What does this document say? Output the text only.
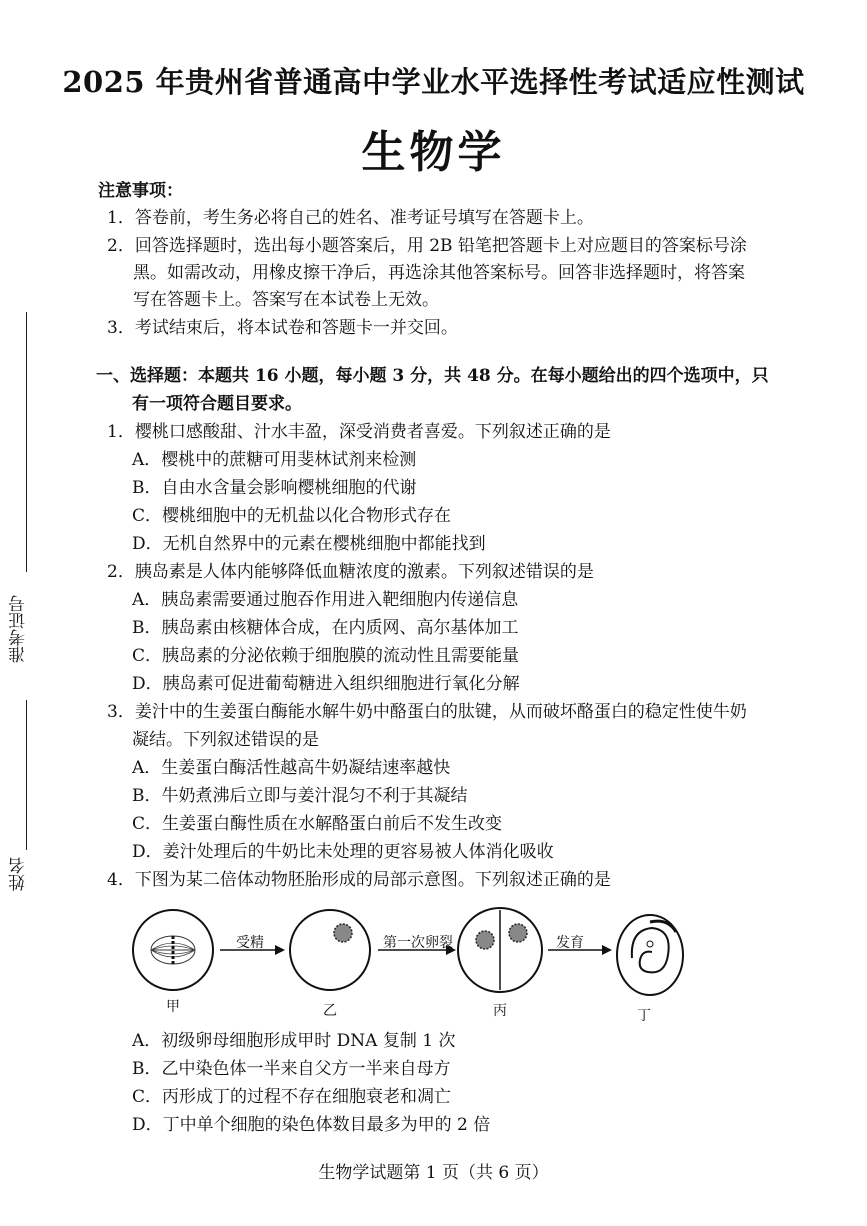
2025 年贵州省普通高中学业水平选择性考试适应性测试
生物学
准考证号
姓名
注意事项：
1．答卷前，考生务必将自己的姓名、准考证号填写在答题卡上。
2．回答选择题时，选出每小题答案后，用 2B 铅笔把答题卡上对应题目的答案标号涂
黑。如需改动，用橡皮擦干净后，再选涂其他答案标号。回答非选择题时，将答案
写在答题卡上。答案写在本试卷上无效。
3．考试结束后，将本试卷和答题卡一并交回。
一、选择题：本题共 16 小题，每小题 3 分，共 48 分。在每小题给出的四个选项中，只
有一项符合题目要求。
1．樱桃口感酸甜、汁水丰盈，深受消费者喜爱。下列叙述正确的是
A．樱桃中的蔗糖可用斐林试剂来检测
B．自由水含量会影响樱桃细胞的代谢
C．樱桃细胞中的无机盐以化合物形式存在
D．无机自然界中的元素在樱桃细胞中都能找到
2．胰岛素是人体内能够降低血糖浓度的激素。下列叙述错误的是
A．胰岛素需要通过胞吞作用进入靶细胞内传递信息
B．胰岛素由核糖体合成，在内质网、高尔基体加工
C．胰岛素的分泌依赖于细胞膜的流动性且需要能量
D．胰岛素可促进葡萄糖进入组织细胞进行氧化分解
3．姜汁中的生姜蛋白酶能水解牛奶中酪蛋白的肽键，从而破坏酪蛋白的稳定性使牛奶
凝结。下列叙述错误的是
A．生姜蛋白酶活性越高牛奶凝结速率越快
B．牛奶煮沸后立即与姜汁混匀不利于其凝结
C．生姜蛋白酶性质在水解酪蛋白前后不发生改变
D．姜汁处理后的牛奶比未处理的更容易被人体消化吸收
4．下图为某二倍体动物胚胎形成的局部示意图。下列叙述正确的是
受精	第一次卵裂	发育
甲	乙	丙	丁
A．初级卵母细胞形成甲时 DNA 复制 1 次
B．乙中染色体一半来自父方一半来自母方
C．丙形成丁的过程不存在细胞衰老和凋亡
D．丁中单个细胞的染色体数目最多为甲的 2 倍
生物学试题第 1 页（共 6 页）
